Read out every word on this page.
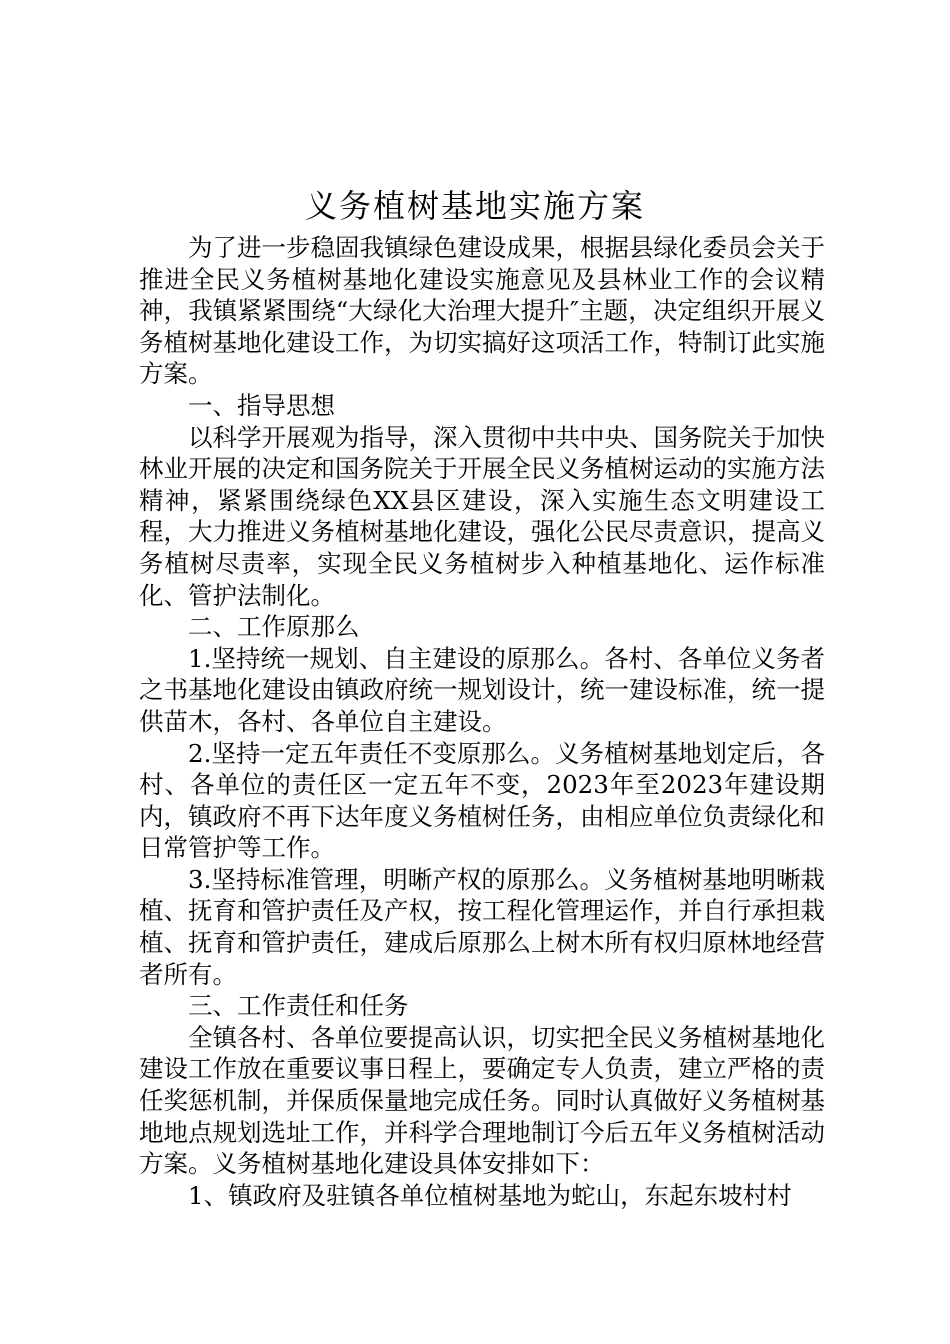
义务植树基地实施方案

为了进一步稳固我镇绿色建设成果，根据县绿化委员会关于推进全民义务植树基地化建设实施意见及县林业工作的会议精神，我镇紧紧围绕“大绿化大治理大提升″主题，决定组织开展义务植树基地化建设工作，为切实搞好这项活工作，特制订此实施方案。

一、指导思想

以科学开展观为指导，深入贯彻中共中央、国务院关于加快林业开展的决定和国务院关于开展全民义务植树运动的实施方法精神，紧紧围绕绿色XX县区建设，深入实施生态文明建设工程，大力推进义务植树基地化建设，强化公民尽责意识，提高义务植树尽责率，实现全民义务植树步入种植基地化、运作标准化、管护法制化。

二、工作原那么

1.坚持统一规划、自主建设的原那么。各村、各单位义务者之书基地化建设由镇政府统一规划设计，统一建设标准，统一提供苗木，各村、各单位自主建设。

2.坚持一定五年责任不变原那么。义务植树基地划定后，各村、各单位的责任区一定五年不变，2023年至2023年建设期内，镇政府不再下达年度义务植树任务，由相应单位负责绿化和日常管护等工作。

3.坚持标准管理，明晰产权的原那么。义务植树基地明晰栽植、抚育和管护责任及产权，按工程化管理运作，并自行承担栽植、抚育和管护责任，建成后原那么上树木所有权归原林地经营者所有。

三、工作责任和任务

全镇各村、各单位要提高认识，切实把全民义务植树基地化建设工作放在重要议事日程上，要确定专人负责，建立严格的责任奖惩机制，并保质保量地完成任务。同时认真做好义务植树基地地点规划选址工作，并科学合理地制订今后五年义务植树活动方案。义务植树基地化建设具体安排如下：

1、镇政府及驻镇各单位植树基地为蛇山，东起东坡村村
